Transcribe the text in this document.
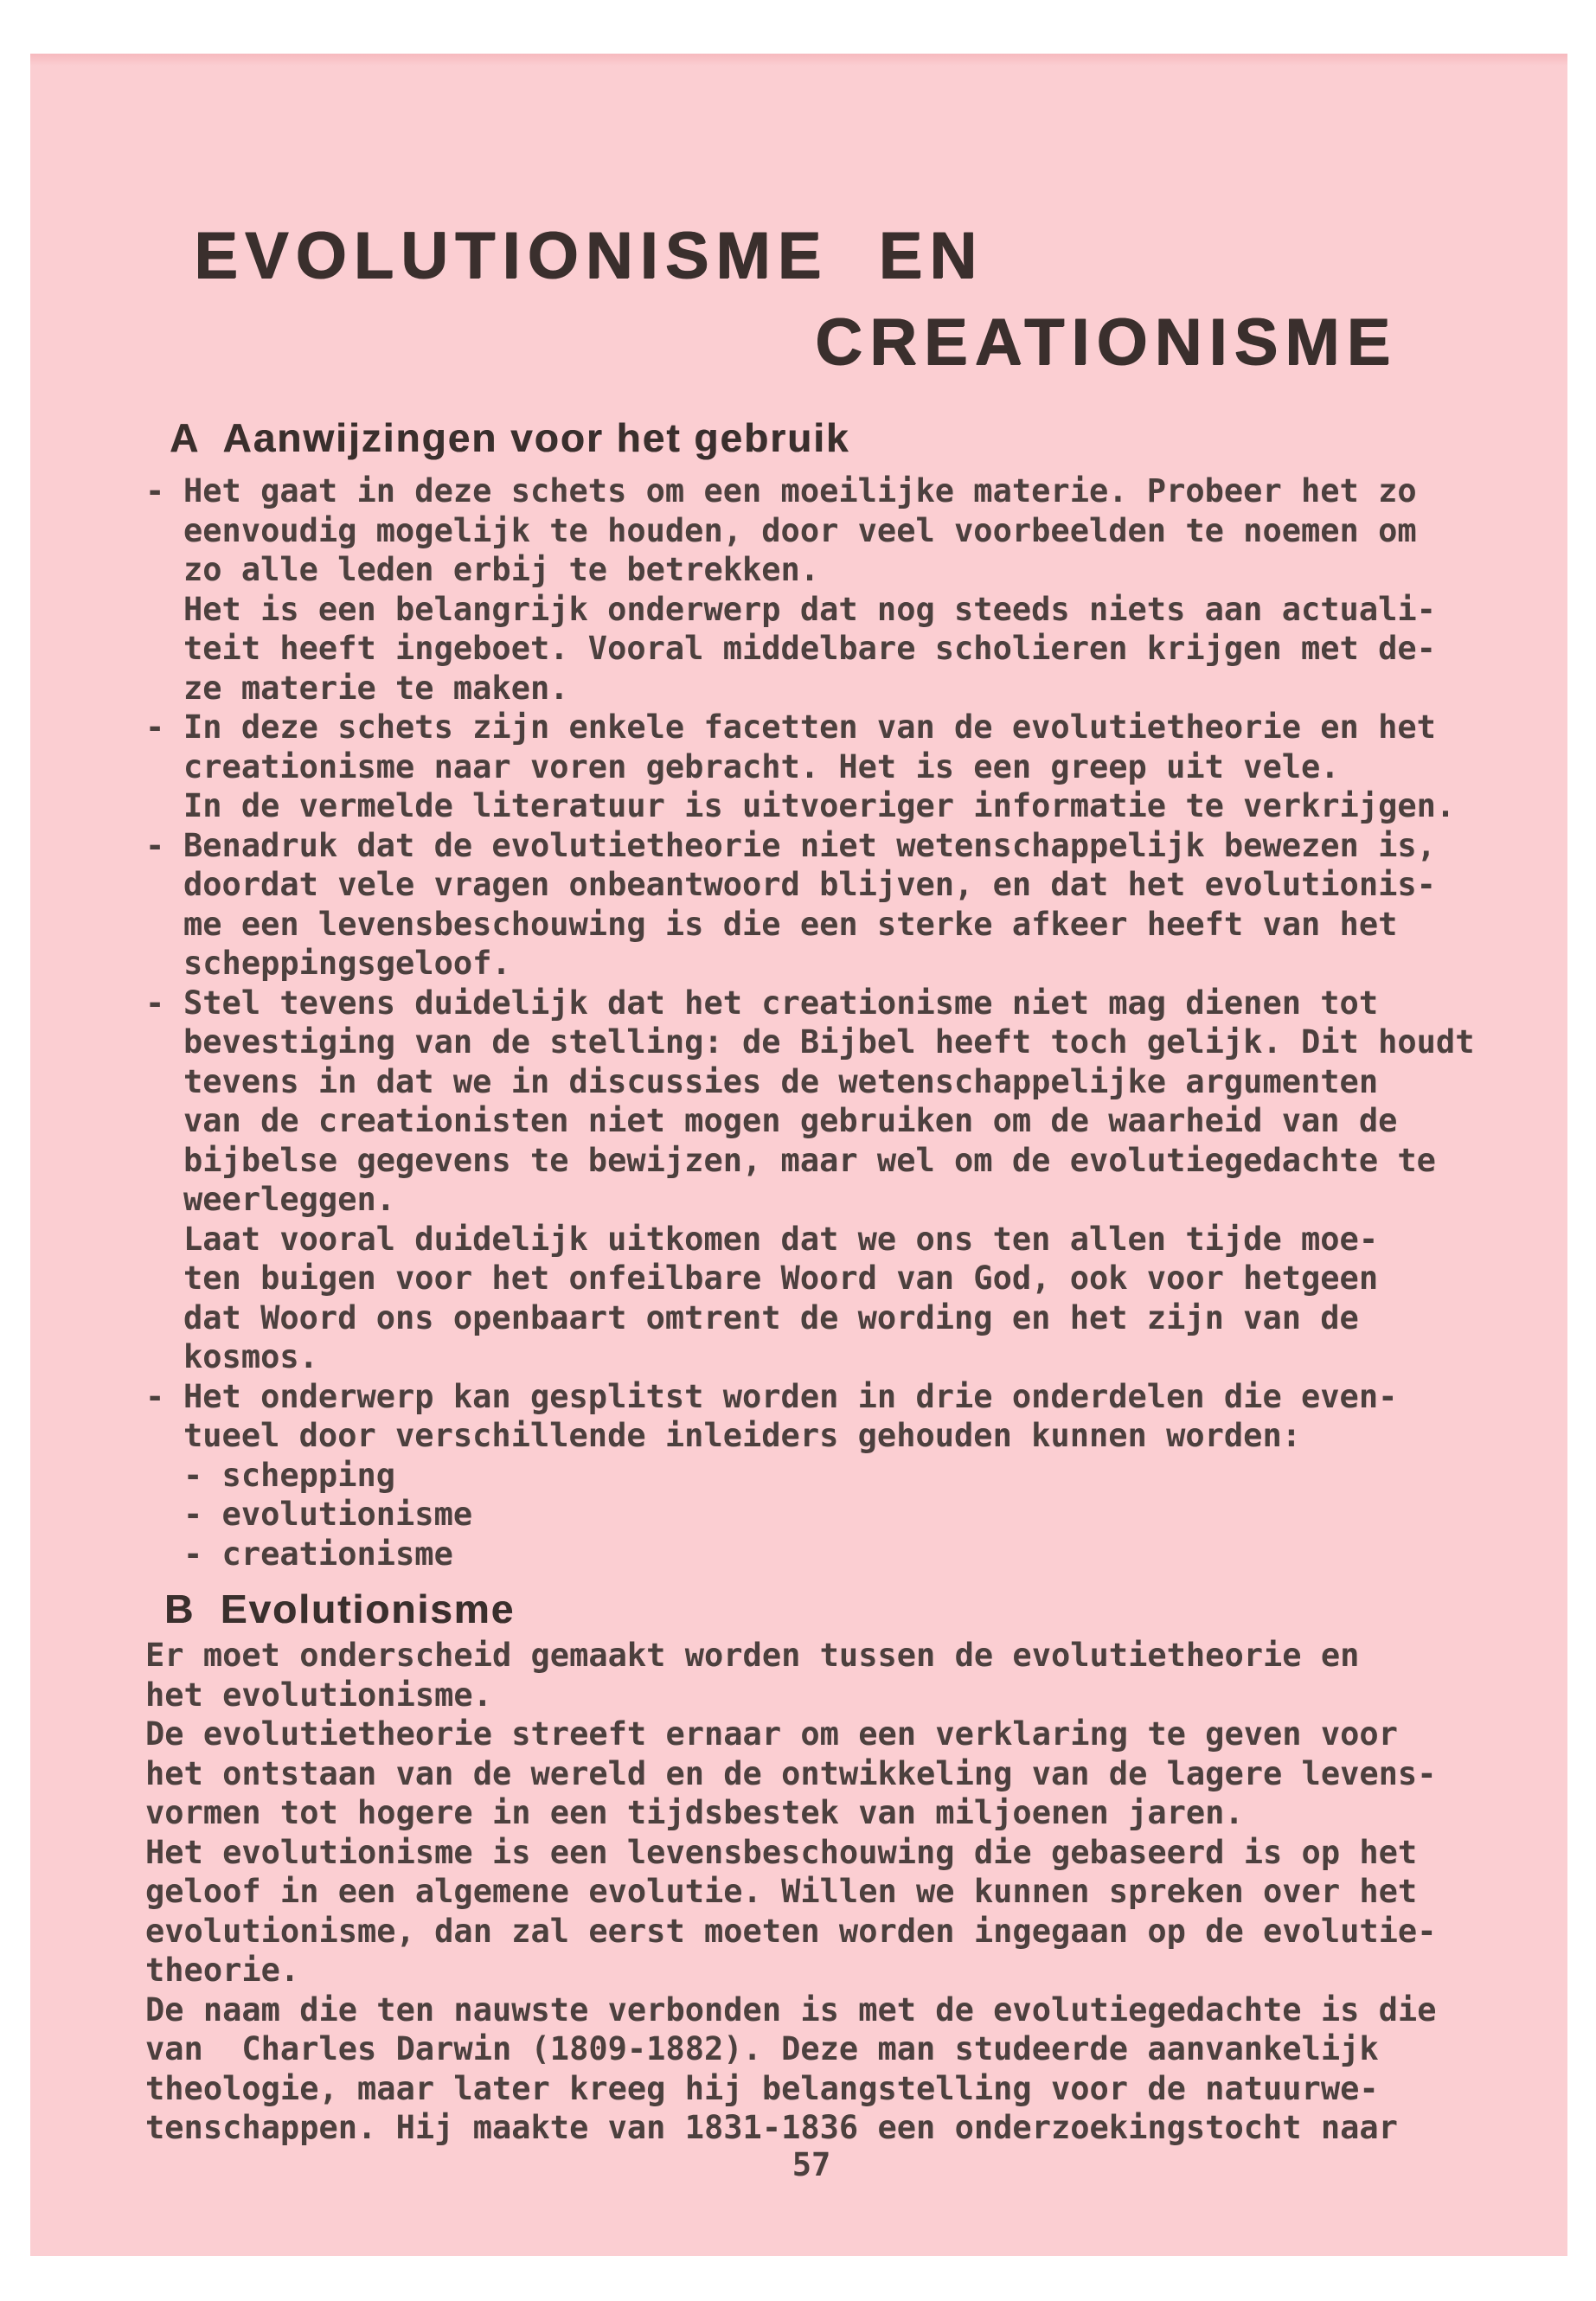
EVOLUTIONISME  EN
CREATIONISME
A  Aanwijzingen voor het gebruik
- Het gaat in deze schets om een moeilijke materie. Probeer het zo
eenvoudig mogelijk te houden, door veel voorbeelden te noemen om
zo alle leden erbij te betrekken.
Het is een belangrijk onderwerp dat nog steeds niets aan actuali-
teit heeft ingeboet. Vooral middelbare scholieren krijgen met de-
ze materie te maken.
- In deze schets zijn enkele facetten van de evolutietheorie en het
creationisme naar voren gebracht. Het is een greep uit vele.
In de vermelde literatuur is uitvoeriger informatie te verkrijgen.
- Benadruk dat de evolutietheorie niet wetenschappelijk bewezen is,
doordat vele vragen onbeantwoord blijven, en dat het evolutionis-
me een levensbeschouwing is die een sterke afkeer heeft van het
scheppingsgeloof.
- Stel tevens duidelijk dat het creationisme niet mag dienen tot
bevestiging van de stelling: de Bijbel heeft toch gelijk. Dit houdt
tevens in dat we in discussies de wetenschappelijke argumenten
van de creationisten niet mogen gebruiken om de waarheid van de
bijbelse gegevens te bewijzen, maar wel om de evolutiegedachte te
weerleggen.
Laat vooral duidelijk uitkomen dat we ons ten allen tijde moe-
ten buigen voor het onfeilbare Woord van God, ook voor hetgeen
dat Woord ons openbaart omtrent de wording en het zijn van de
kosmos.
- Het onderwerp kan gesplitst worden in drie onderdelen die even-
tueel door verschillende inleiders gehouden kunnen worden:
- schepping
- evolutionisme
- creationisme
B  Evolutionisme
Er moet onderscheid gemaakt worden tussen de evolutietheorie en
het evolutionisme.
De evolutietheorie streeft ernaar om een verklaring te geven voor
het ontstaan van de wereld en de ontwikkeling van de lagere levens-
vormen tot hogere in een tijdsbestek van miljoenen jaren.
Het evolutionisme is een levensbeschouwing die gebaseerd is op het
geloof in een algemene evolutie. Willen we kunnen spreken over het
evolutionisme, dan zal eerst moeten worden ingegaan op de evolutie-
theorie.
De naam die ten nauwste verbonden is met de evolutiegedachte is die
van  Charles Darwin (1809-1882). Deze man studeerde aanvankelijk
theologie, maar later kreeg hij belangstelling voor de natuurwe-
tenschappen. Hij maakte van 1831-1836 een onderzoekingstocht naar
57
